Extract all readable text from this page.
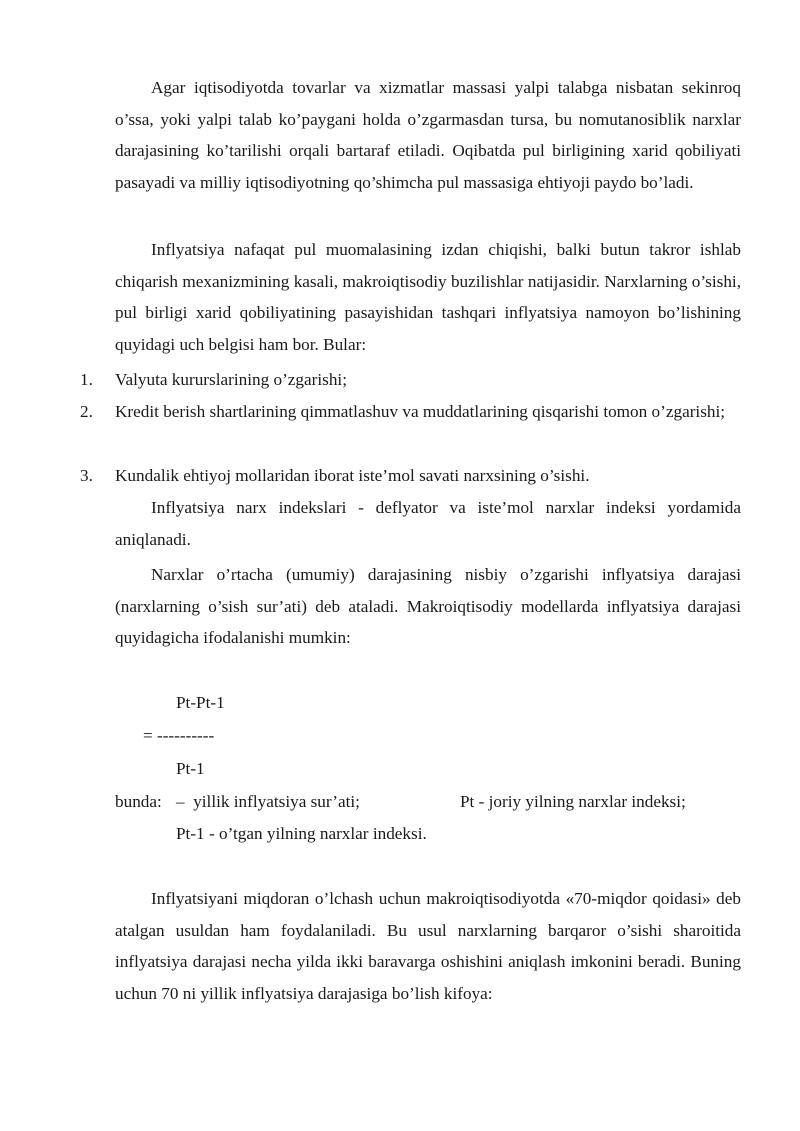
Agar iqtisodiyotda tovarlar va xizmatlar massasi yalpi talabga nisbatan sekinroq o’ssa, yoki yalpi talab ko’paygani holda o’zgarmasdan tursa, bu nomutanosiblik narxlar darajasining ko’tarilishi orqali bartaraf etiladi. Oqibatda pul birligining xarid qobiliyati pasayadi va milliy iqtisodiyotning qo’shimcha pul massasiga ehtiyoji paydo bo’ladi.

Inflyatsiya nafaqat pul muomalasining izdan chiqishi, balki butun takror ishlab chiqarish mexanizmining kasali, makroiqtisodiy buzilishlar natijasidir. Narxlarning o’sishi, pul birligi xarid qobiliyatining pasayishidan tashqari inflyatsiya namoyon bo’lishining quyidagi uch belgisi ham bor. Bular:

1.	Valyuta kururslarining o’zgarishi;
2.	Kredit berish shartlarining qimmatlashuv va muddatlarining qisqarishi tomon o’zgarishi;
3.	Kundalik ehtiyoj mollaridan iborat iste’mol savati narxsining o’sishi.

Inflyatsiya narx indekslari - deflyator va iste’mol narxlar indeksi yordamida aniqlanadi.

Narxlar o’rtacha (umumiy) darajasining nisbiy o’zgarishi inflyatsiya darajasi (narxlarning o’sish sur’ati) deb ataladi. Makroiqtisodiy modellarda inflyatsiya darajasi quyidagicha ifodalanishi mumkin:

Pt-Pt-1
= ----------
Pt-1
bunda: –  yillik inflyatsiya sur’ati;	Pt - joriy yilning narxlar indeksi;
Pt-1 - o’tgan yilning narxlar indeksi.

Inflyatsiyani miqdoran o’lchash uchun makroiqtisodiyotda «70-miqdor qoidasi» deb atalgan usuldan ham foydalaniladi. Bu usul narxlarning barqaror o’sishi sharoitida inflyatsiya darajasi necha yilda ikki baravarga oshishini aniqlash imkonini beradi. Buning uchun 70 ni yillik inflyatsiya darajasiga bo’lish kifoya:
